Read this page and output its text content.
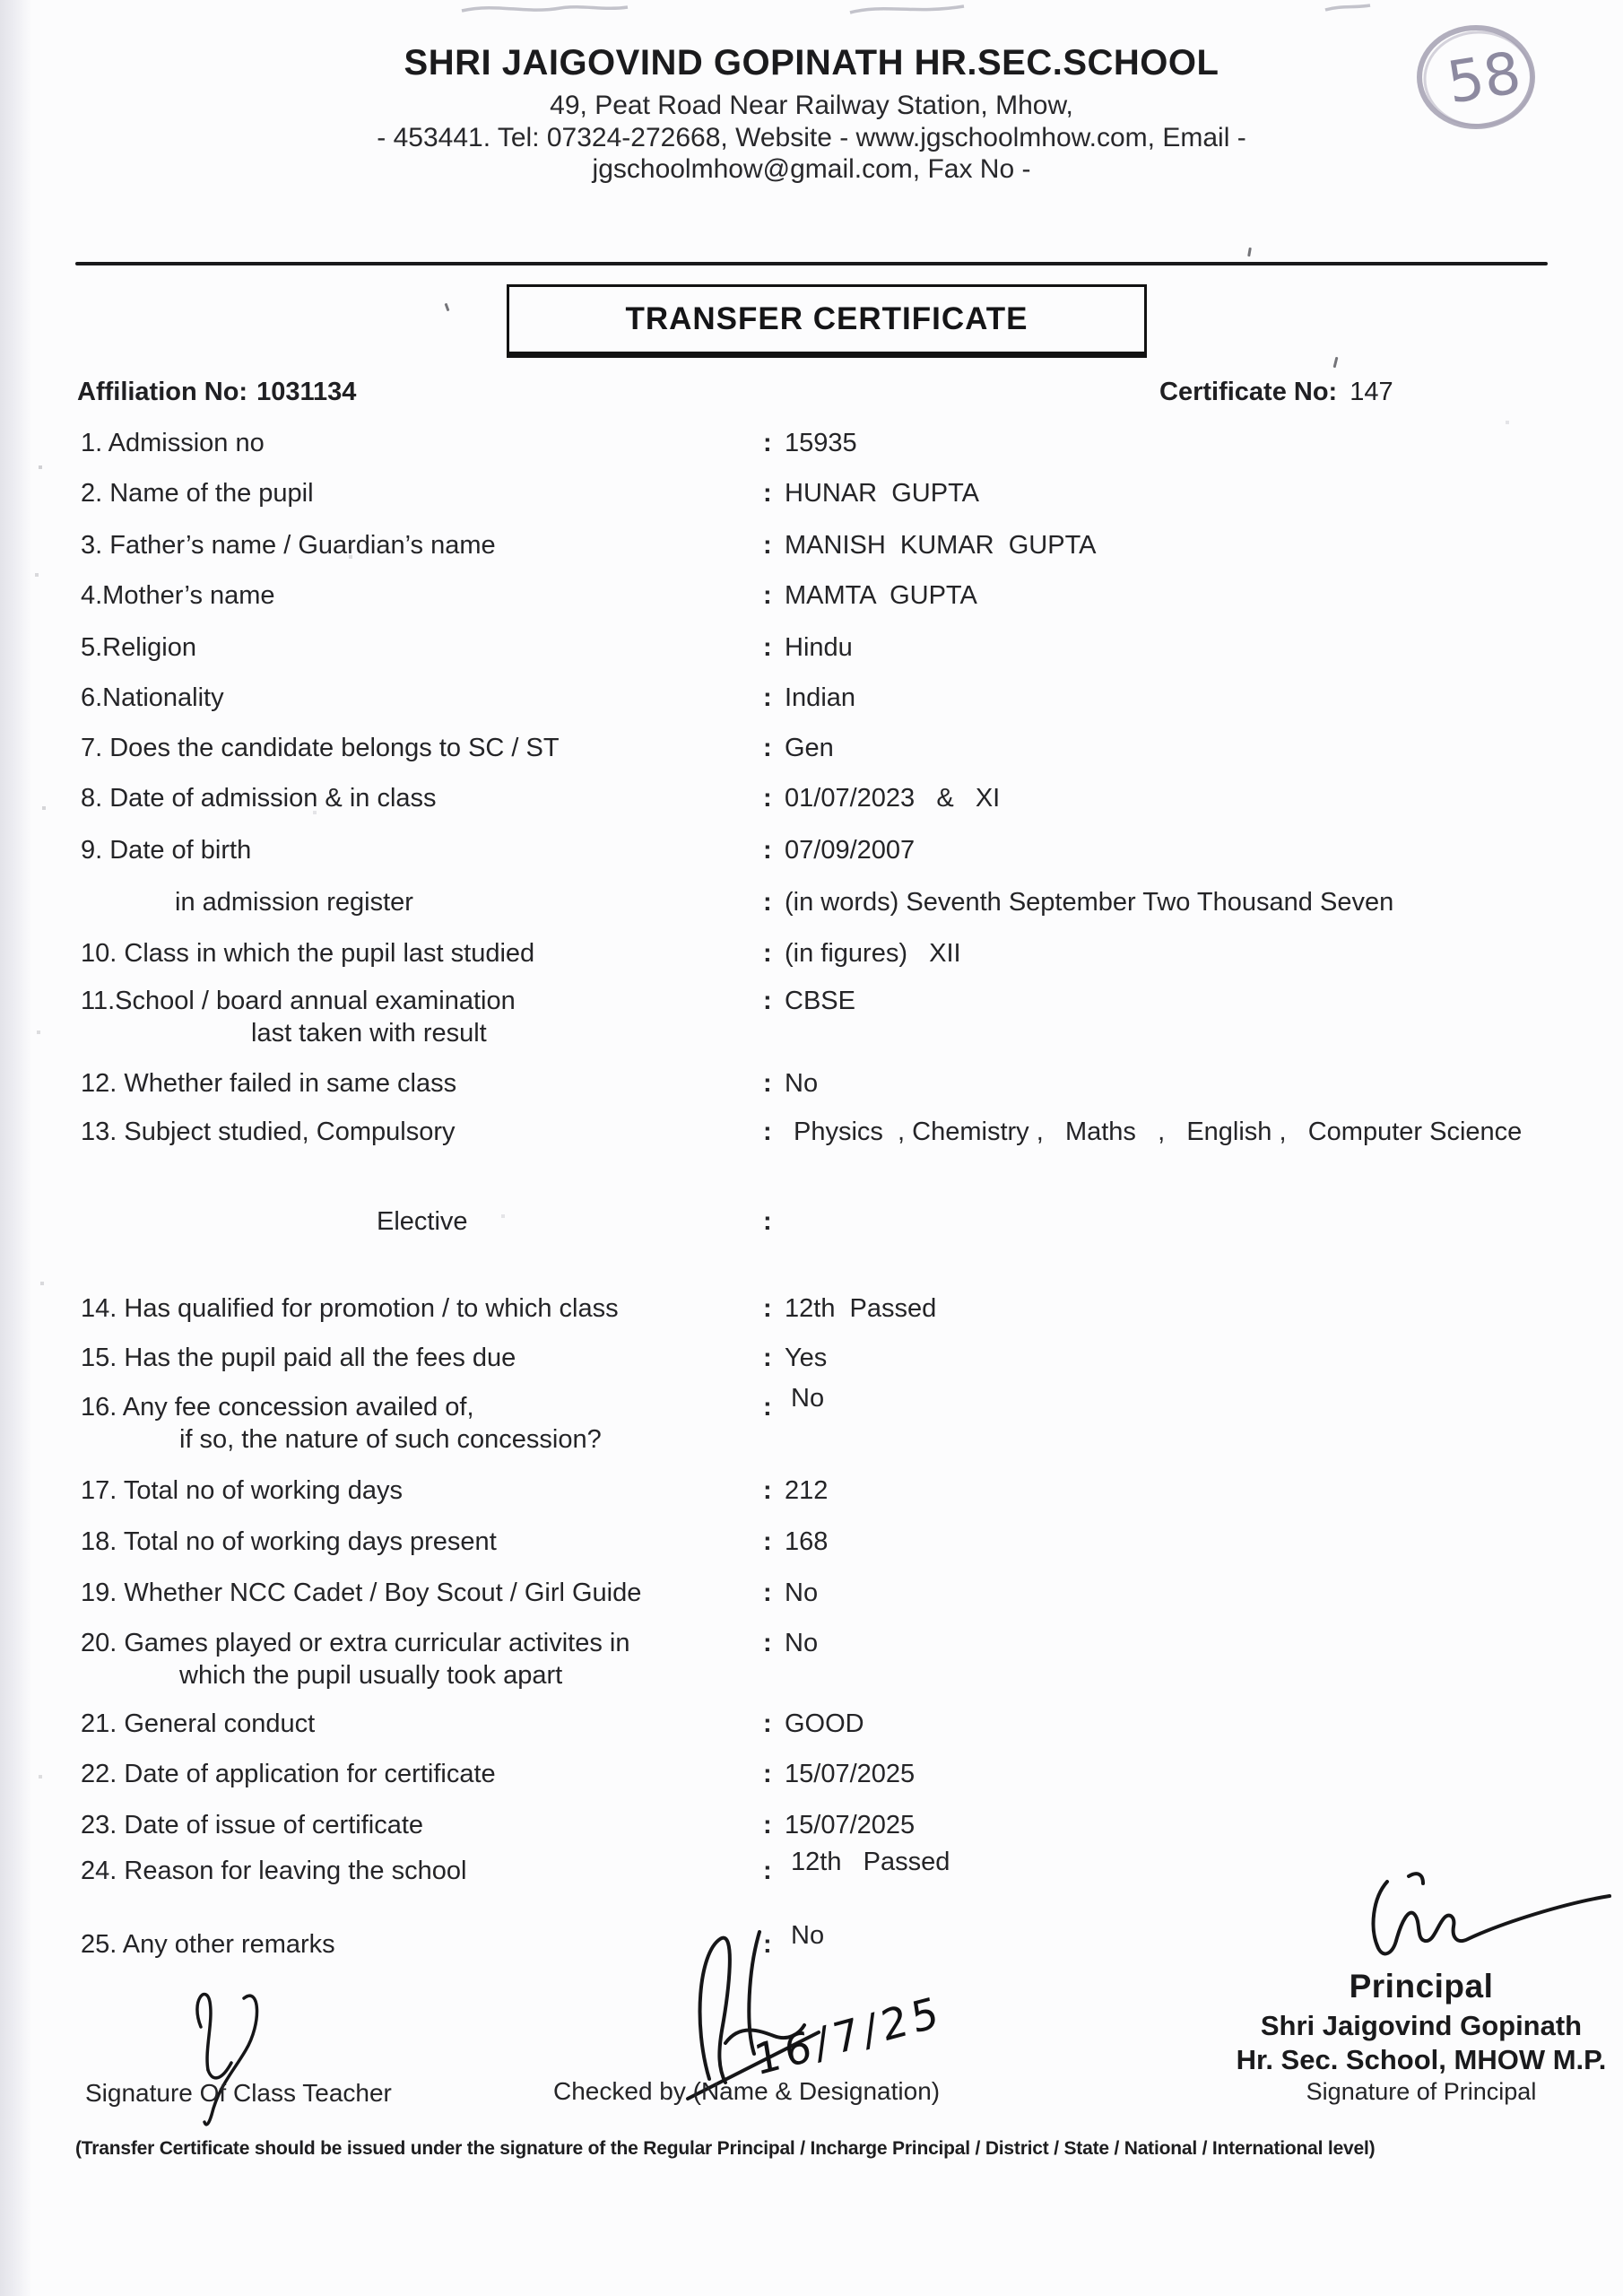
58
SHRI JAIGOVIND GOPINATH HR.SEC.SCHOOL
49, Peat Road Near Railway Station, Mhow,
- 453441. Tel: 07324-272668, Website - www.jgschoolmhow.com, Email -
jgschoolmhow@gmail.com, Fax No -
TRANSFER CERTIFICATE
Affiliation No: 1031134	Certificate No: 147
1. Admission no	: 15935
2. Name of the pupil	: HUNAR  GUPTA
3. Father’s name / Guardian’s name	: MANISH  KUMAR  GUPTA
4.Mother’s name	: MAMTA  GUPTA
5.Religion	: Hindu
6.Nationality	: Indian
7. Does the candidate belongs to SC / ST	: Gen
8. Date of admission & in class	: 01/07/2023   &   XI
9. Date of birth	: 07/09/2007
in admission register	: (in words) Seventh September Two Thousand Seven
10. Class in which the pupil last studied	: (in figures)   XII
11.School / board annual examination
last taken with result
: CBSE
12. Whether failed in same class	: No
13. Subject studied, Compulsory	: Physics  , Chemistry ,   Maths   ,   English ,   Computer Science
Elective	:
14. Has qualified for promotion / to which class	: 12th  Passed
15. Has the pupil paid all the fees due	: Yes
16. Any fee concession availed of,
if so, the nature of such concession?
: No
17. Total no of working days	: 212
18. Total no of working days present	: 168
19. Whether NCC Cadet / Boy Scout / Girl Guide	: No
20. Games played or extra curricular activites in
which the pupil usually took apart
: No
21. General conduct	: GOOD
22. Date of application for certificate	: 15/07/2025
23. Date of issue of certificate	: 15/07/2025
24. Reason for leaving the school	: 12th   Passed
25. Any other remarks	: No
16/7/25
Signature Of Class Teacher	Checked by (Name & Designation)
Principal
Shri Jaigovind Gopinath
Hr. Sec. School, MHOW M.P.
Signature of Principal
(Transfer Certificate should be issued under the signature of the Regular Principal / Incharge Principal / District / State / National / International level)
